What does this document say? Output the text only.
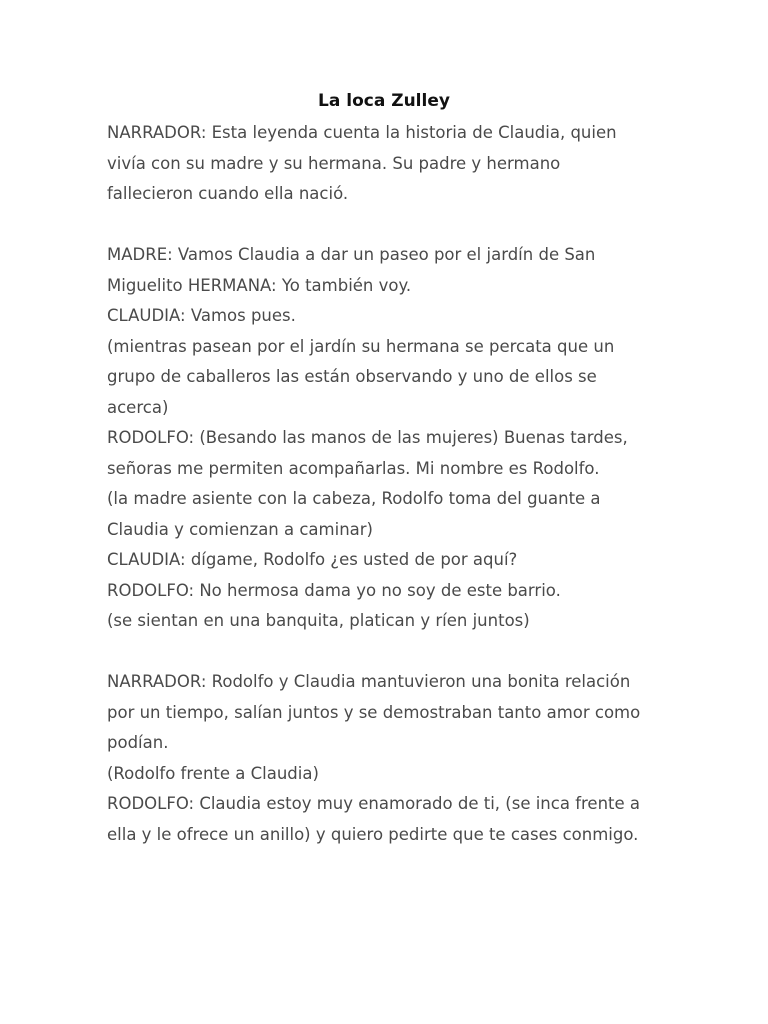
La loca Zulley
NARRADOR: Esta leyenda cuenta la historia de Claudia, quien
vivía con su madre y su hermana. Su padre y hermano
fallecieron cuando ella nació.
MADRE: Vamos Claudia a dar un paseo por el jardín de San
Miguelito HERMANA: Yo también voy.
CLAUDIA: Vamos pues.
(mientras pasean por el jardín su hermana se percata que un
grupo de caballeros las están observando y uno de ellos se
acerca)
RODOLFO: (Besando las manos de las mujeres) Buenas tardes,
señoras me permiten acompañarlas. Mi nombre es Rodolfo.
(la madre asiente con la cabeza, Rodolfo toma del guante a
Claudia y comienzan a caminar)
CLAUDIA: dígame, Rodolfo ¿es usted de por aquí?
RODOLFO: No hermosa dama yo no soy de este barrio.
(se sientan en una banquita, platican y ríen juntos)
NARRADOR: Rodolfo y Claudia mantuvieron una bonita relación
por un tiempo, salían juntos y se demostraban tanto amor como
podían.
(Rodolfo frente a Claudia)
RODOLFO: Claudia estoy muy enamorado de ti, (se inca frente a
ella y le ofrece un anillo) y quiero pedirte que te cases conmigo.
